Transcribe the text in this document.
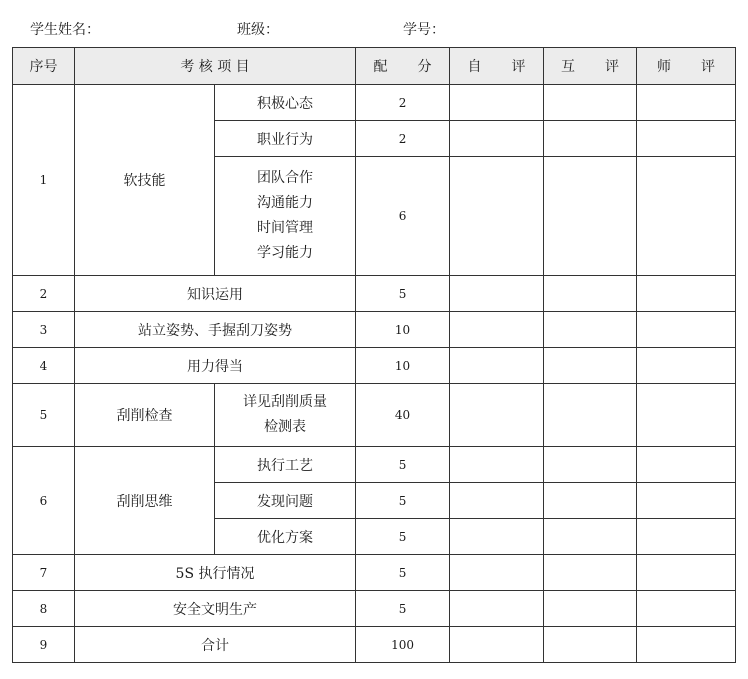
学生姓名：	班级：	学号：
序号	考 核 项 目		配 分	自 评	互 评	师 评
1	软技能	积极心态	2			
		职业行为	2			

		团队合作
沟通能力
时间管理
学习能力	6			
2	知识运用		5			
3	站立姿势、手握刮刀姿势		10			
4	用力得当		10			
5	刮削检查	详见刮削质量
检测表	40			
6	刮削思维	执行工艺	5			
		发现问题	5			
		优化方案	5			
7	5S 执行情况		5			
8	安全文明生产		5			
9	合计		100			
